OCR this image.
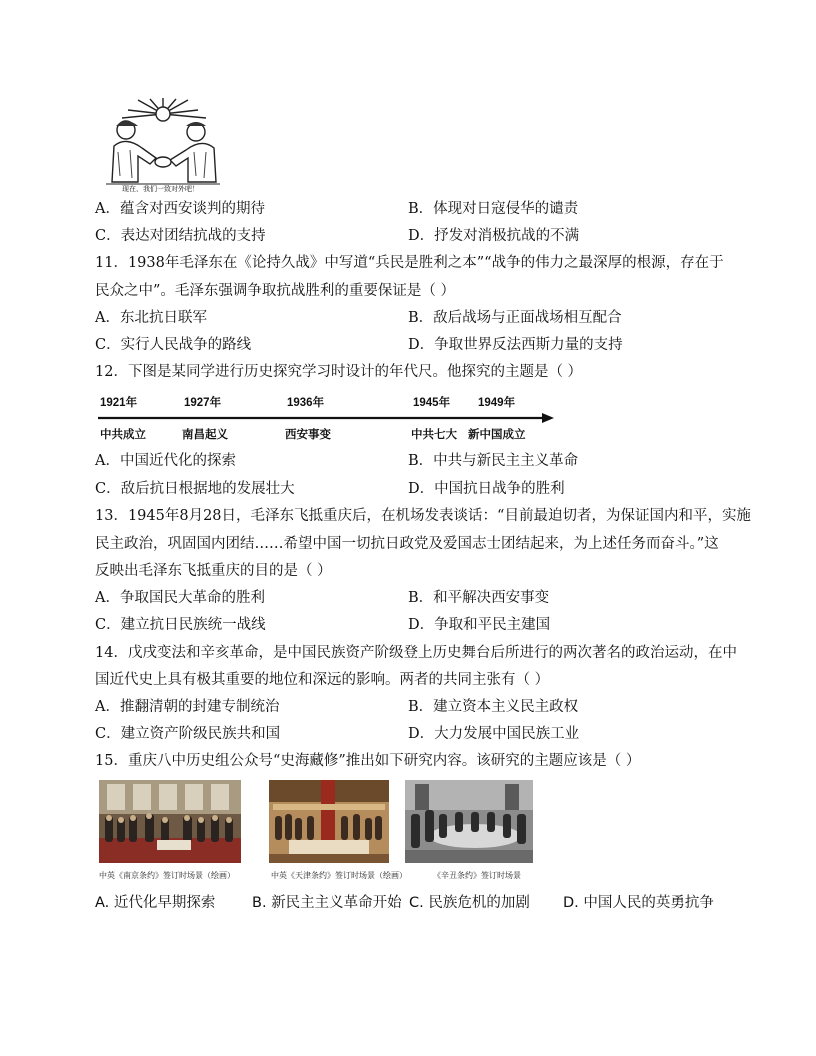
现在，我们一致对外吧！
A．蕴含对西安谈判的期待	B．体现对日寇侵华的谴责
C．表达对团结抗战的支持	D．抒发对消极抗战的不满
11．1938年毛泽东在《论持久战》中写道“兵民是胜利之本”“战争的伟力之最深厚的根源，存在于
民众之中”。毛泽东强调争取抗战胜利的重要保证是（ ）
A．东北抗日联军	B．敌后战场与正面战场相互配合
C．实行人民战争的路线	D．争取世界反法西斯力量的支持
12．下图是某同学进行历史探究学习时设计的年代尺。他探究的主题是（ ）
1921年	1927年	1936年	1945年 1949年
中共成立	南昌起义	西安事变	中共七大 新中国成立
A．中国近代化的探索	B．中共与新民主主义革命
C．敌后抗日根据地的发展壮大	D．中国抗日战争的胜利
13．1945年8月28日，毛泽东飞抵重庆后，在机场发表谈话：“目前最迫切者，为保证国内和平，实施
民主政治，巩固国内团结……希望中国一切抗日政党及爱国志士团结起来，为上述任务而奋斗。”这
反映出毛泽东飞抵重庆的目的是（ ）
A．争取国民大革命的胜利	B．和平解决西安事变
C．建立抗日民族统一战线	D．争取和平民主建国
14．戊戌变法和辛亥革命，是中国民族资产阶级登上历史舞台后所进行的两次著名的政治运动，在中
国近代史上具有极其重要的地位和深远的影响。两者的共同主张有（ ）
A．推翻清朝的封建专制统治	B．建立资本主义民主政权
C．建立资产阶级民族共和国	D．大力发展中国民族工业
15．重庆八中历史组公众号“史海藏修”推出如下研究内容。该研究的主题应该是（ ）
中英《南京条约》签订时场景（绘画）	中英《天津条约》签订时场景（绘画）	《辛丑条约》签订时场景
A. 近代化早期探索	B. 新民主主义革命开始 C. 民族危机的加剧 D. 中国人民的英勇抗争
